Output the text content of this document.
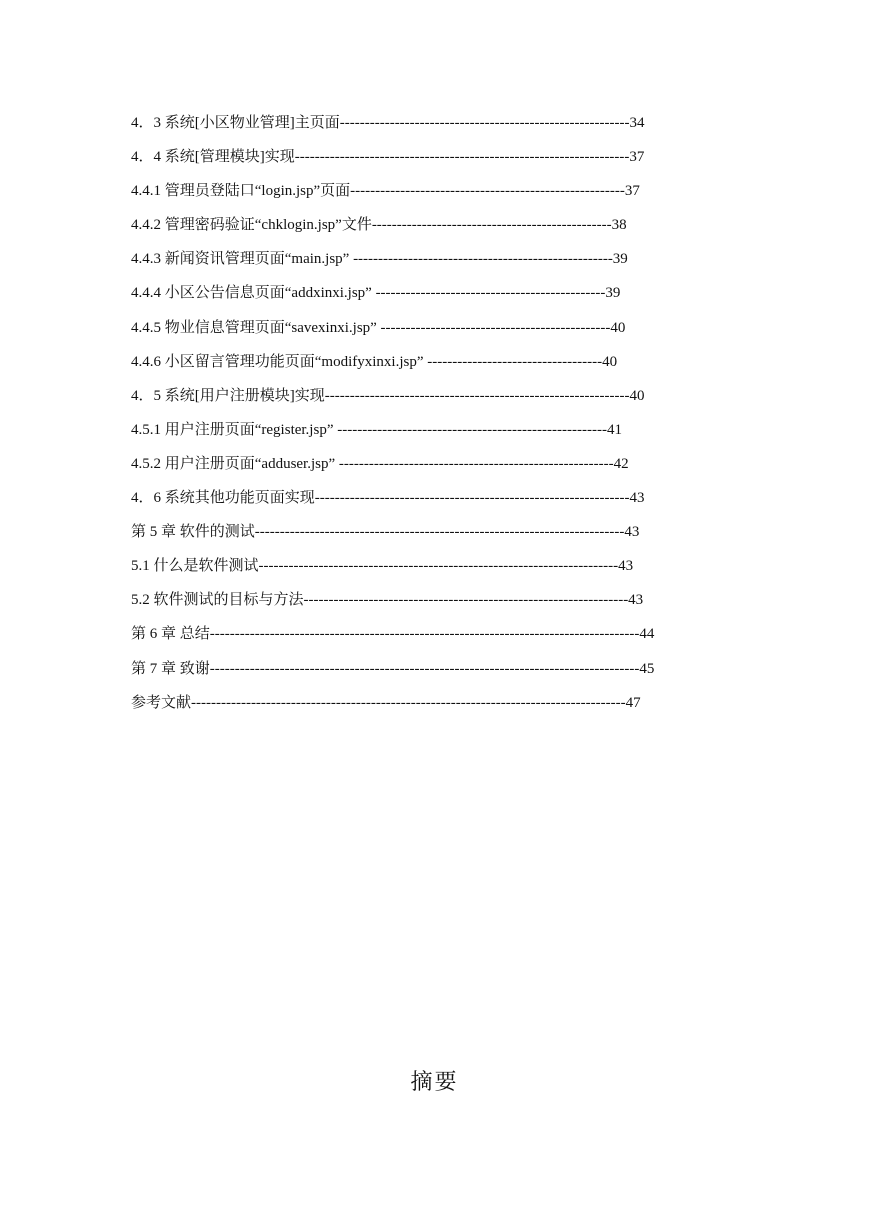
4．3 系统[小区物业管理]主页面----------------------------------------------------------34
4．4 系统[管理模块]实现-------------------------------------------------------------------37
4.4.1 管理员登陆口“login.jsp”页面-------------------------------------------------------37
4.4.2 管理密码验证“chklogin.jsp”文件------------------------------------------------38
4.4.3 新闻资讯管理页面“main.jsp” ----------------------------------------------------39
4.4.4 小区公告信息页面“addxinxi.jsp” ----------------------------------------------39
4.4.5 物业信息管理页面“savexinxi.jsp” ----------------------------------------------40
4.4.6 小区留言管理功能页面“modifyxinxi.jsp” -----------------------------------40
4．5 系统[用户注册模块]实现-------------------------------------------------------------40
4.5.1 用户注册页面“register.jsp” ------------------------------------------------------41
4.5.2 用户注册页面“adduser.jsp” -------------------------------------------------------42
4．6 系统其他功能页面实现---------------------------------------------------------------43
第 5 章 软件的测试--------------------------------------------------------------------------43
5.1 什么是软件测试------------------------------------------------------------------------43
5.2 软件测试的目标与方法-----------------------------------------------------------------43
第 6 章 总结--------------------------------------------------------------------------------------44
第 7 章 致谢--------------------------------------------------------------------------------------45
参考文献---------------------------------------------------------------------------------------47
摘要
